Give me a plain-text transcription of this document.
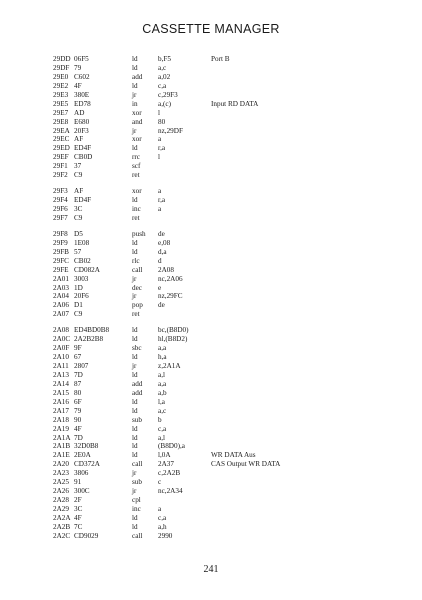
CASSETTE MANAGER
29DD 06F5	ld	b,F5	Port B
29DF 79	ld	a,c
29E0 C602	add a,02
29E2 4F	ld	c,a
29E3 380E	jr	c,29F3
29E5 ED78	in	a,(c)	Input RD DATA
29E7 AD	xor l
29E8 E680	and 80
29EA 20F3	jr	nz,29DF
29EC AF	xor a
29ED ED4F	ld	r,a
29EF CB0D	rrc	l
29F1 37	scf
29F2 C9	ret
29F3 AF	xor a
29F4 ED4F	ld	r,a
29F6 3C	inc a
29F7 C9	ret
29F8 D5	push de
29F9 1E08	ld	e,08
29FB 57	ld	d,a
29FC CB02	rlc	d
29FE CD082A	call 2A08
2A01 3003	jr	nc,2A06
2A03 1D	dec e
2A04 20F6	jr	nz,29FC
2A06 D1	pop de
2A07 C9	ret
2A08 ED4BD0B8	ld	bc,(B8D0)
2A0C 2A2B2B8	ld	hl,(B8D2)
2A0F 9F	sbc a,a
2A10 67	ld	h,a
2A11 2807	jr	z,2A1A
2A13 7D	ld	a,l
2A14 87	add a,a
2A15 80	add a,b
2A16 6F	ld	l,a
2A17 79	ld	a,c
2A18 90	sub b
2A19 4F	ld	c,a
2A1A 7D	ld	a,l
2A1B 32D0B8	ld	(B8D0),a
2A1E 2E0A	ld	l,0A	WR DATA Aus
2A20 CD372A	call 2A37	CAS Output WR DATA
2A23 3806	jr	c,2A2B
2A25 91	sub c
2A26 300C	jr	nc,2A34
2A28 2F	cpl
2A29 3C	inc a
2A2A 4F	ld	c,a
2A2B 7C	ld	a,h
2A2C CD9029	call 2990
241
